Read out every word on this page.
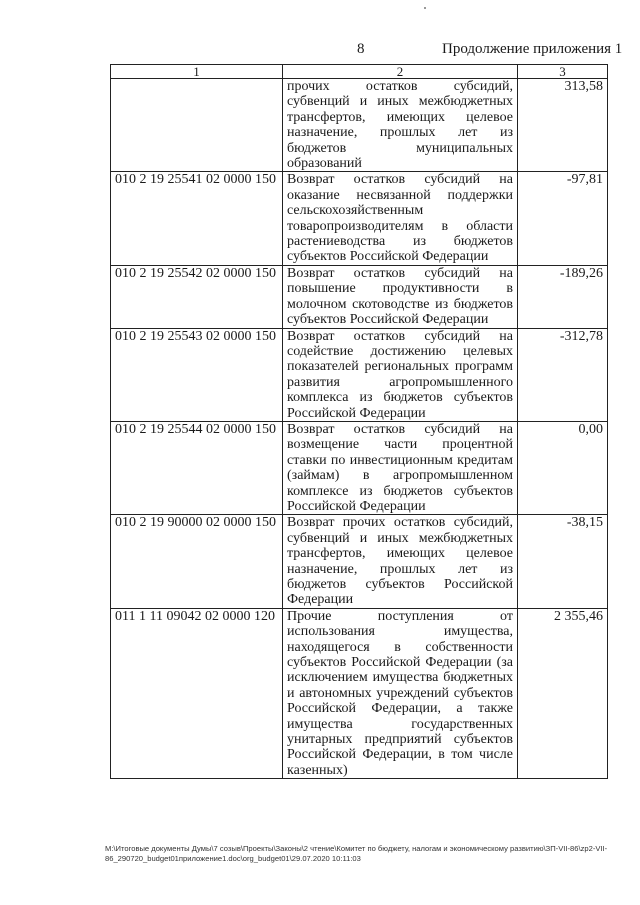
8	Продолжение приложения 1
1	2	3
	прочих остатков субсидий, субвенций и иных межбюджетных трансфертов, имеющих целевое назначение, прошлых лет из бюджетов муниципальных образований	313,58
010 2 19 25541 02 0000 150	Возврат остатков субсидий на оказание несвязанной поддержки сельскохозяйственным товаропроизводителям в области растениеводства из бюджетов субъектов Российской Федерации	-97,81
010 2 19 25542 02 0000 150	Возврат остатков субсидий на повышение продуктивности в молочном скотоводстве из бюджетов субъектов Российской Федерации	-189,26
010 2 19 25543 02 0000 150	Возврат остатков субсидий на содействие достижению целевых показателей региональных программ развития агропромышленного комплекса из бюджетов субъектов Российской Федерации	-312,78
010 2 19 25544 02 0000 150	Возврат остатков субсидий на возмещение части процентной ставки по инвестиционным кредитам (займам) в агропромышленном комплексе из бюджетов субъектов Российской Федерации	0,00
010 2 19 90000 02 0000 150	Возврат прочих остатков субсидий, субвенций и иных межбюджетных трансфертов, имеющих целевое назначение, прошлых лет из бюджетов субъектов Российской Федерации	-38,15
011 1 11 09042 02 0000 120	Прочие поступления от использования имущества, находящегося в собственности субъектов Российской Федерации (за исключением имущества бюджетных и автономных учреждений субъектов Российской Федерации, а также имущества государственных унитарных предприятий субъектов Российской Федерации, в том числе казенных)	2 355,46
M:\Итоговые документы Думы\7 созыв\Проекты\Законы\2 чтение\Комитет по бюджету, налогам и экономическому развитию\ЗП-VII-86\zp2-VII-86_290720_budget01приложение1.doc\org_budget01\29.07.2020 10:11:03
